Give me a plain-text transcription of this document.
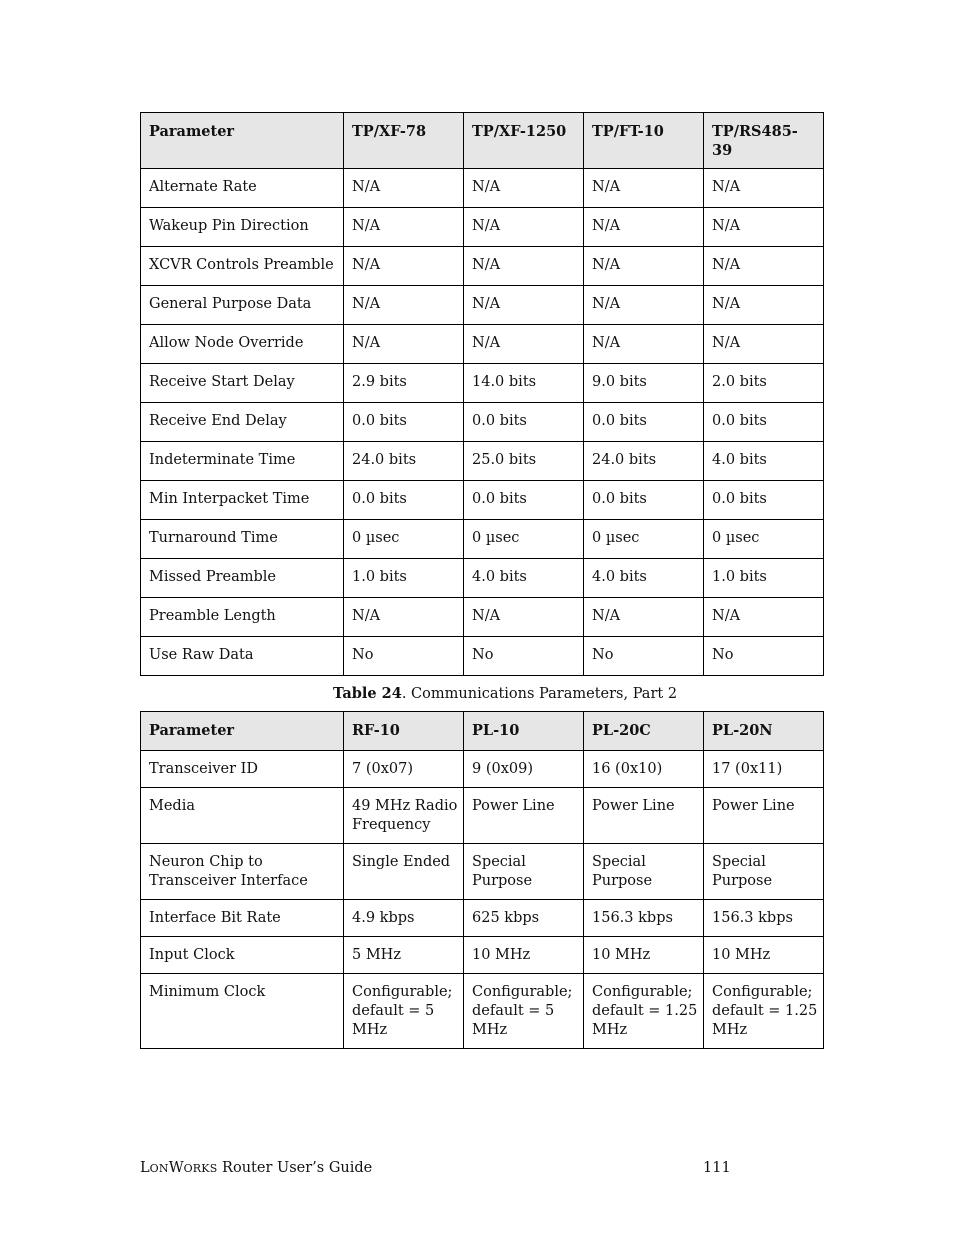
Parameter	TP/XF-78	TP/XF-1250	TP/FT-10	TP/RS485-39
Alternate Rate	N/A	N/A	N/A	N/A
Wakeup Pin Direction	N/A	N/A	N/A	N/A
XCVR Controls Preamble	N/A	N/A	N/A	N/A
General Purpose Data	N/A	N/A	N/A	N/A
Allow Node Override	N/A	N/A	N/A	N/A
Receive Start Delay	2.9 bits	14.0 bits	9.0 bits	2.0 bits
Receive End Delay	0.0 bits	0.0 bits	0.0 bits	0.0 bits
Indeterminate Time	24.0 bits	25.0 bits	24.0 bits	4.0 bits
Min Interpacket Time	0.0 bits	0.0 bits	0.0 bits	0.0 bits
Turnaround Time	0 µsec	0 µsec	0 µsec	0 µsec
Missed Preamble	1.0 bits	4.0 bits	4.0 bits	1.0 bits
Preamble Length	N/A	N/A	N/A	N/A
Use Raw Data	No	No	No	No
Table 24. Communications Parameters, Part 2
Parameter	RF-10	PL-10	PL-20C	PL-20N
Transceiver ID	7 (0x07)	9 (0x09)	16 (0x10)	17 (0x11)
Media	49 MHz Radio Frequency	Power Line	Power Line	Power Line
Neuron Chip to Transceiver Interface	Single Ended	Special Purpose	Special Purpose	Special Purpose
Interface Bit Rate	4.9 kbps	625 kbps	156.3 kbps	156.3 kbps
Input Clock	5 MHz	10 MHz	10 MHz	10 MHz
Minimum Clock	Configurable; default = 5 MHz	Configurable; default = 5 MHz	Configurable; default = 1.25 MHz	Configurable; default = 1.25 MHz
LONWORKS Router User’s Guide	111
